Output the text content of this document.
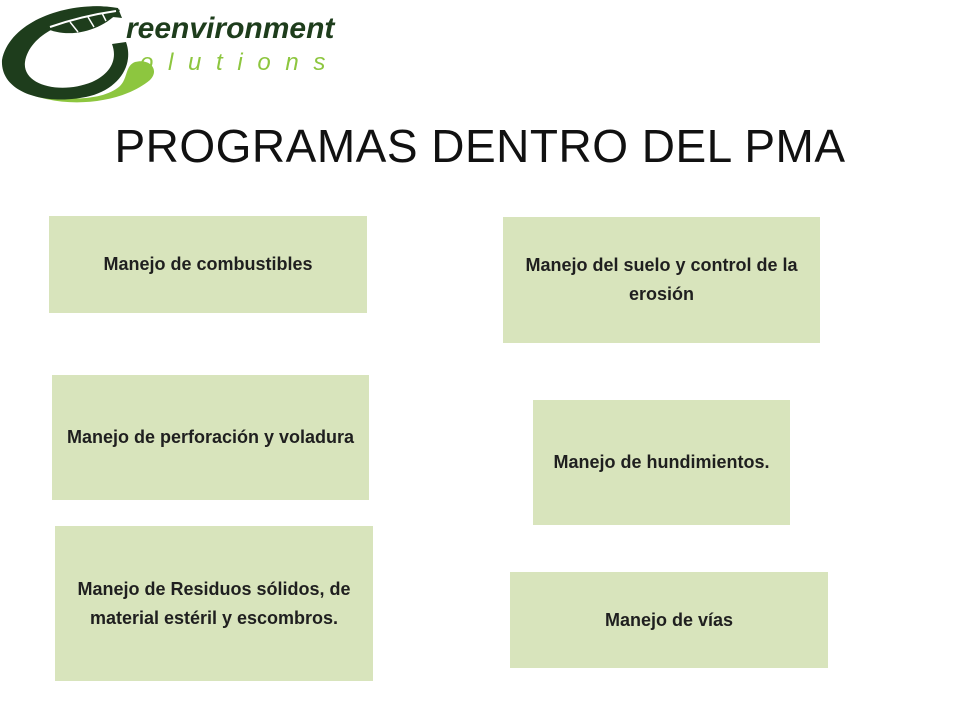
reenvironment
o l u t i o n s
PROGRAMAS DENTRO DEL PMA
Manejo de combustibles	Manejo del suelo y control de la erosión
Manejo de perforación y voladura
Manejo de hundimientos.
Manejo de Residuos sólidos, de material estéril y escombros.	Manejo de vías
